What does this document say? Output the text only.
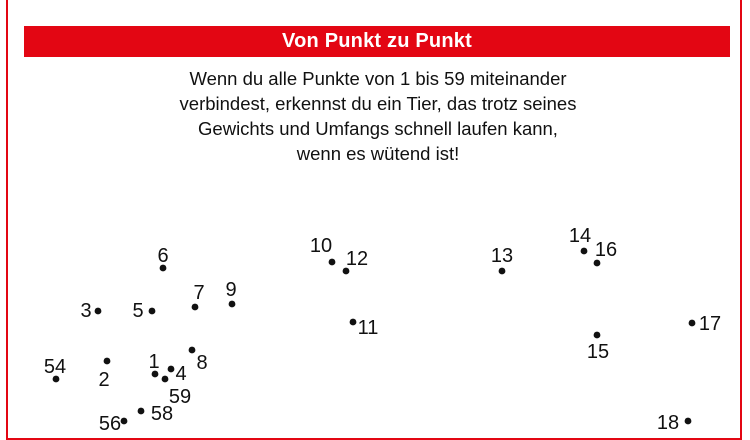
Von Punkt zu Punkt
Wenn du alle Punkte von 1 bis 59 miteinander
verbindest, erkennst du ein Tier, das trotz seines
Gewichts und Umfangs schnell laufen kann,
wenn es wütend ist!
1
2
3
4
5
6
7
8
9
10
11
12	13
14
15
16
17
18
54
56 58
59
